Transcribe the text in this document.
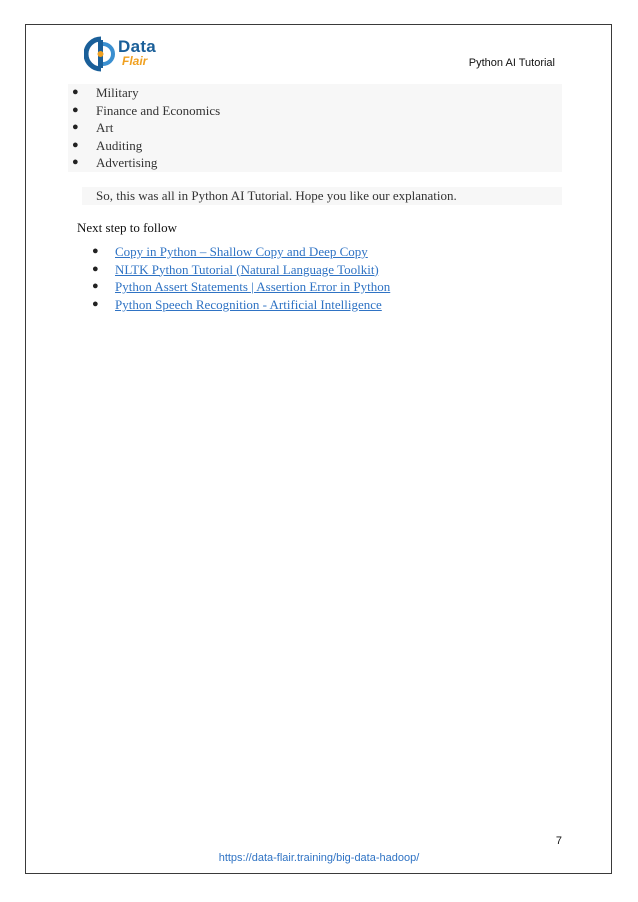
Data
Flair	Python AI Tutorial
● Military
● Finance and Economics
● Art
● Auditing
● Advertising
So, this was all in Python AI Tutorial. Hope you like our explanation.
Next step to follow
● Copy in Python – Shallow Copy and Deep Copy
● NLTK Python Tutorial (Natural Language Toolkit)
● Python Assert Statements | Assertion Error in Python
● Python Speech Recognition - Artificial Intelligence
7
https://data-flair.training/big-data-hadoop/
